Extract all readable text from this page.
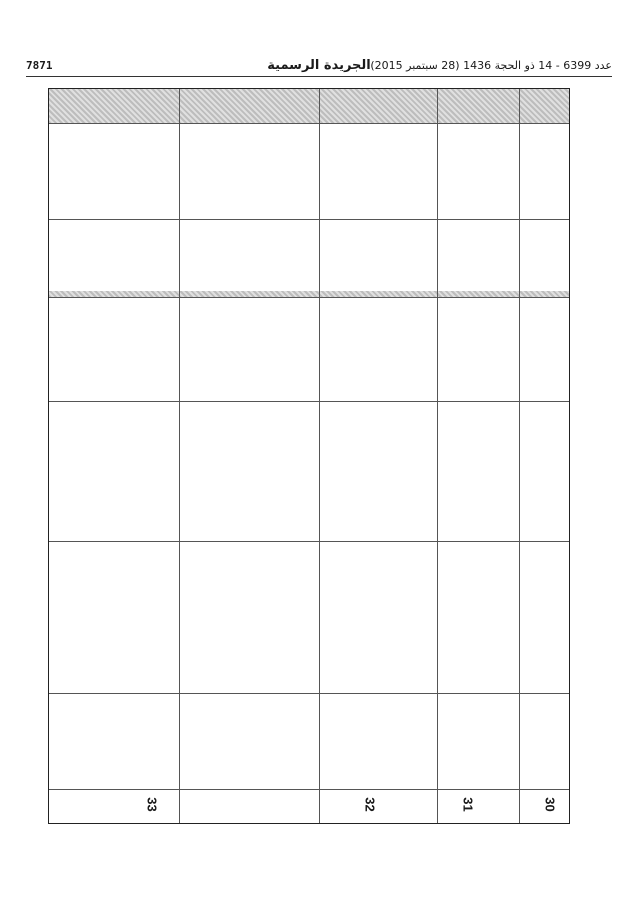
7871	الجريدة الرسمية عدد 6399 - 14 ذو الحجة 1436 (28 سبتمبر 2015)
30
31
32
33
